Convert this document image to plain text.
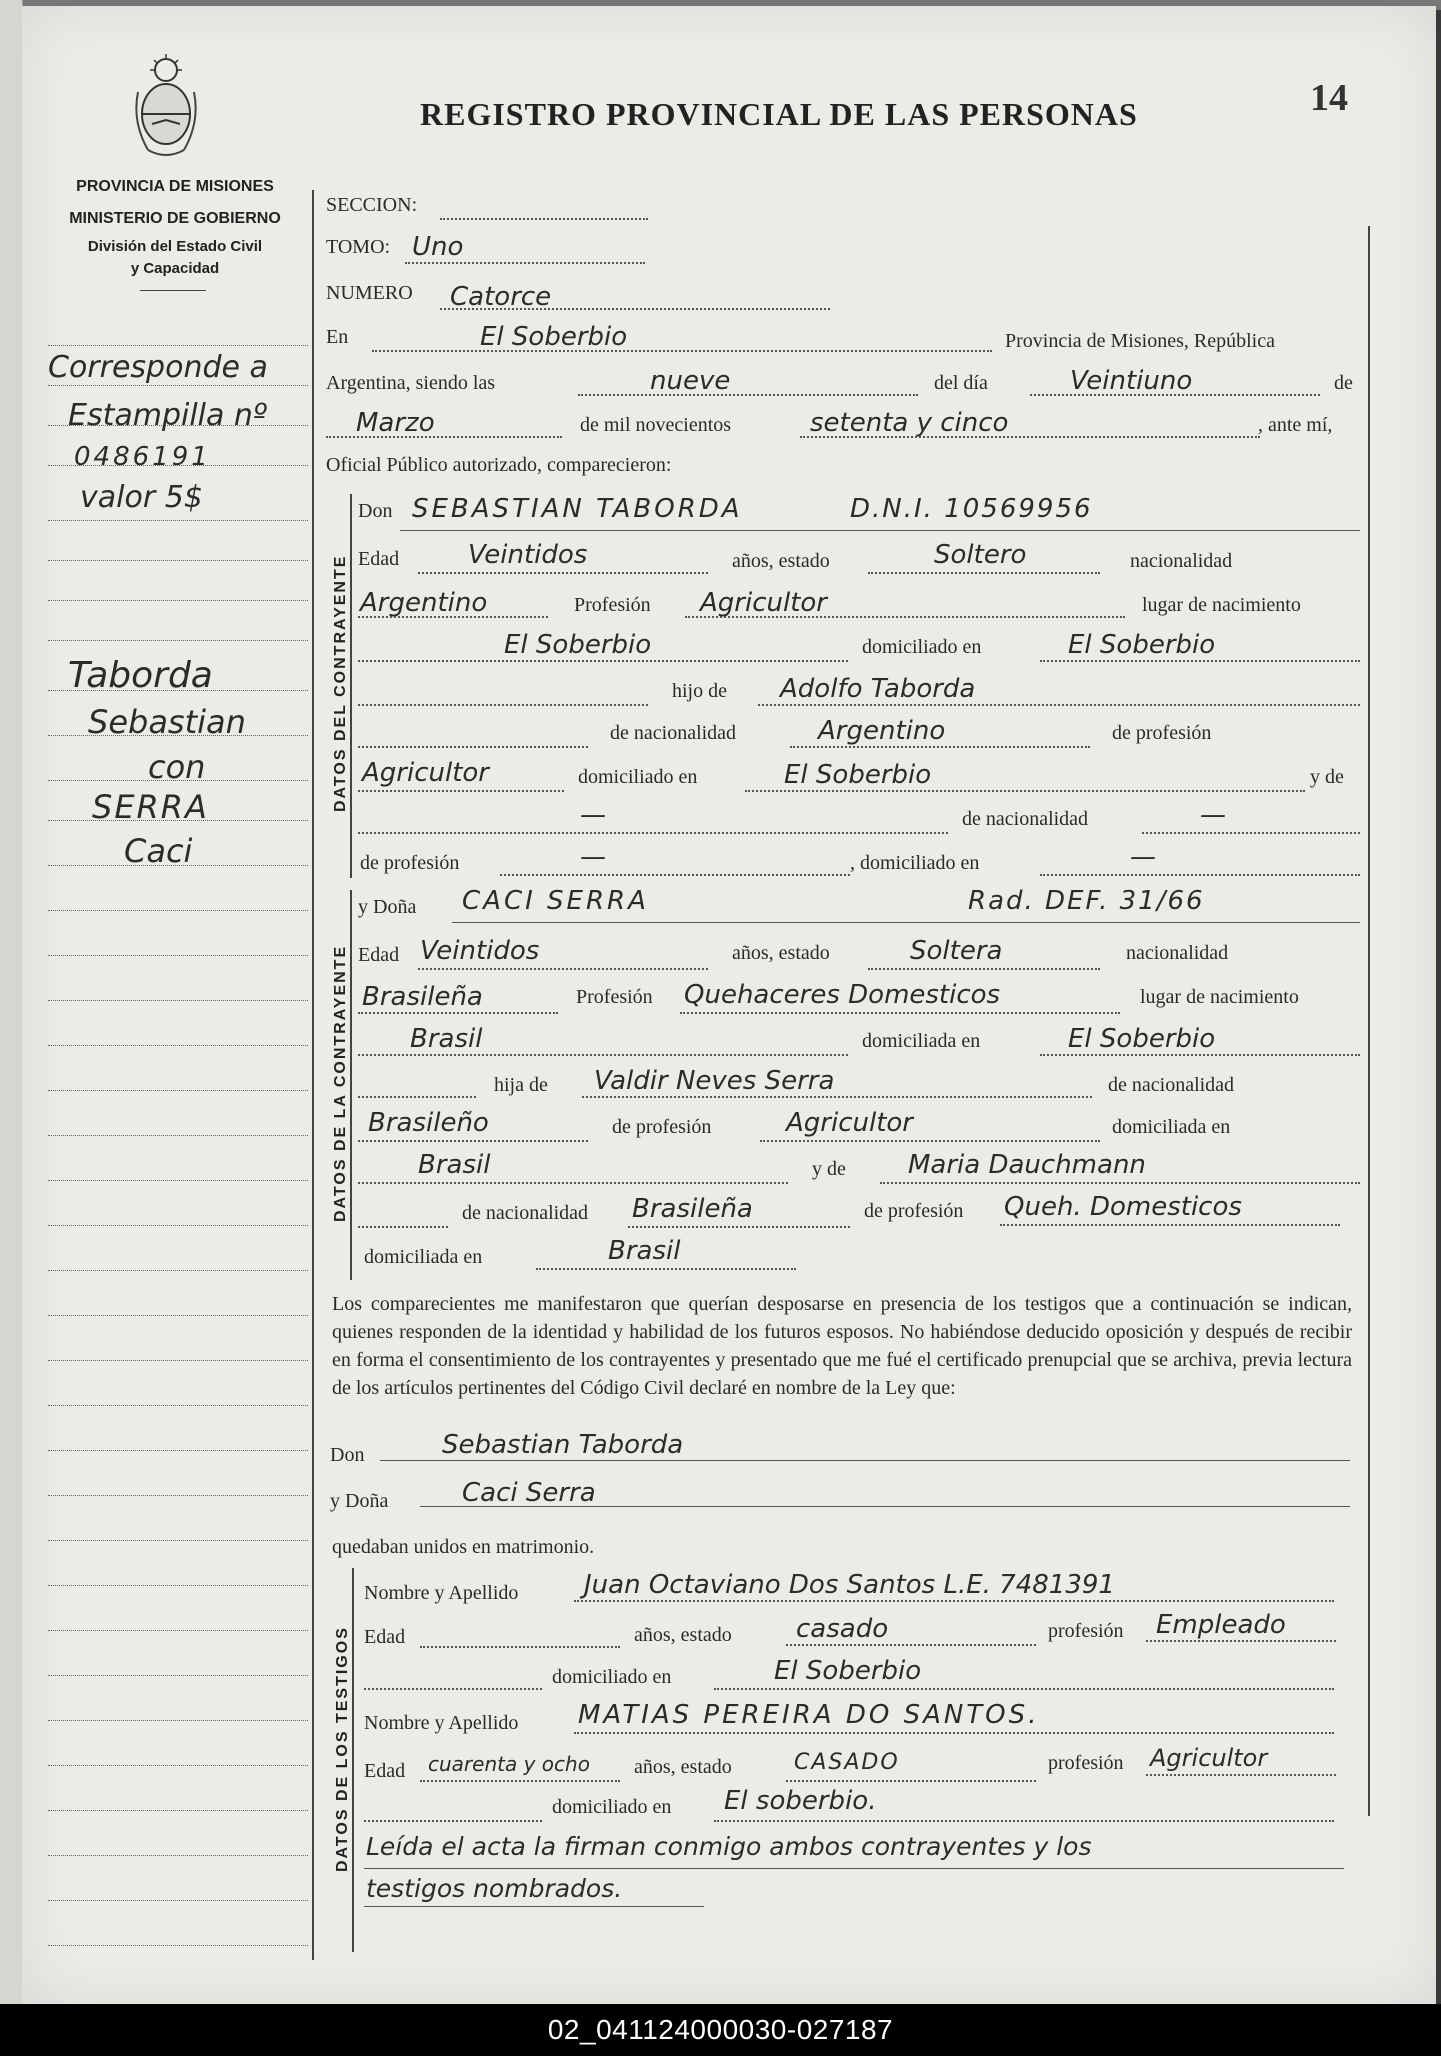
PROVINCIA DE MISIONES
MINISTERIO DE GOBIERNO
División del Estado Civil
y Capacidad
REGISTRO PROVINCIAL DE LAS PERSONAS	14
Corresponde a
Estampilla nº
0486191
valor 5$
Taborda
Sebastian
con
SERRA
Caci
SECCION:
TOMO: Uno
NUMERO Catorce
En	El Soberbio	Provincia de Misiones, República
Argentina, siendo las	nueve	del día	Veintiuno	de
Marzo	de mil novecientos	setenta y cinco	, ante mí,
Oficial Público autorizado, comparecieron:
DATOS DEL CONTRAYENTE
Don SEBASTIAN TABORDA	D.N.I. 10569956
Edad	Veintidos	años, estado	Soltero	nacionalidad
Argentino	Profesión Agricultor	lugar de nacimiento
El Soberbio	domiciliado en	El Soberbio
hijo de Adolfo Taborda
de nacionalidad	Argentino	de profesión
Agricultor	domiciliado en	El Soberbio	y de
—	de nacionalidad	—
de profesión	—	, domiciliado en	—
DATOS DE LA CONTRAYENTE
y Doña CACI SERRA	Rad. DEF. 31/66
Edad Veintidos	años, estado	Soltera	nacionalidad
Brasileña	Profesión Quehaceres Domesticos	lugar de nacimiento
Brasil	domiciliada en	El Soberbio
hija de Valdir Neves Serra	de nacionalidad
Brasileño	de profesión	Agricultor	domiciliada en
Brasil	y de Maria Dauchmann
de nacionalidad Brasileña	de profesión Queh. Domesticos
domiciliada en	Brasil
Los comparecientes me manifestaron que querían desposarse en presencia de los testigos que a continuación se indican, quienes responden de la identidad y habilidad de los futuros esposos. No habiéndose deducido oposición y después de recibir en forma el consentimiento de los contrayentes y presentado que me fué el certificado prenupcial que se archiva, previa lectura de los artículos pertinentes del Código Civil declaré en nombre de la Ley que:
Don	Sebastian Taborda
y Doña	Caci Serra
quedaban unidos en matrimonio.
DATOS DE LOS TESTIGOS
Nombre y Apellido	Juan Octaviano Dos Santos L.E. 7481391
Edad	años, estado casado	profesión Empleado
domiciliado en	El Soberbio
Nombre y Apellido MATIAS PEREIRA DO SANTOS.
Edad cuarenta y ocho años, estado	CASADO	profesión Agricultor
domiciliado en El soberbio.
Leída el acta la firman conmigo ambos contrayentes y los
testigos nombrados.
02_041124000030-027187
